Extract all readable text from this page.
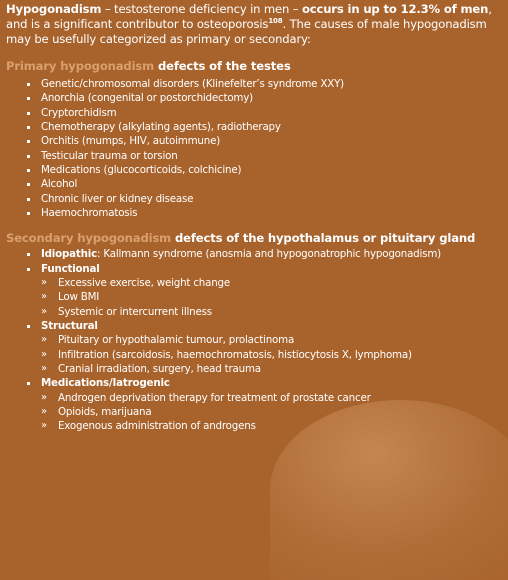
Hypogonadism – testosterone deficiency in men – occurs in up to 12.3% of men, and is a significant contributor to osteoporosis$^{108}$. The causes of male hypogonadism may be usefully categorized as primary or secondary:

Primary hypogonadism defects of the testes

Genetic/chromosomal disorders (Klinefelter’s syndrome XXY)
Anorchia (congenital or postorchidectomy)
Cryptorchidism
Chemotherapy (alkylating agents), radiotherapy
Orchitis (mumps, HIV, autoimmune)
Testicular trauma or torsion
Medications (glucocorticoids, colchicine)
Alcohol
Chronic liver or kidney disease
Haemochromatosis

Secondary hypogonadism defects of the hypothalamus or pituitary gland

Idiopathic: Kallmann syndrome (anosmia and hypogonatrophic hypogonadism)
Functional
» Excessive exercise, weight change
» Low BMI
» Systemic or intercurrent illness
Structural
» Pituitary or hypothalamic tumour, prolactinoma
» Infiltration (sarcoidosis, haemochromatosis, histiocytosis X, lymphoma)
» Cranial irradiation, surgery, head trauma
Medications/Iatrogenic
» Androgen deprivation therapy for treatment of prostate cancer
» Opioids, marijuana
» Exogenous administration of androgens
